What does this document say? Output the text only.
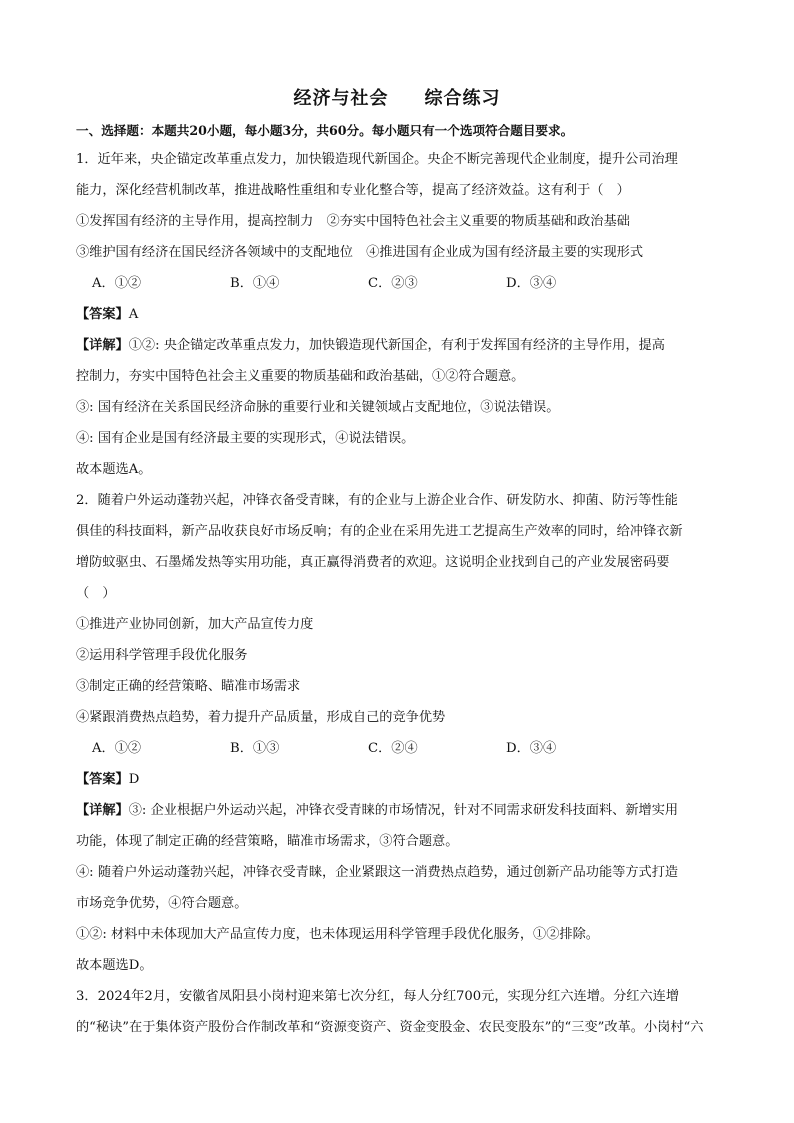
经济与社会 综合练习
一、选择题：本题共20小题，每小题3分，共60分。每小题只有一个选项符合题目要求。
1．近年来，央企锚定改革重点发力，加快锻造现代新国企。央企不断完善现代企业制度，提升公司治理
能力，深化经营机制改革，推进战略性重组和专业化整合等，提高了经济效益。这有利于（　）
①发挥国有经济的主导作用，提高控制力　②夯实中国特色社会主义重要的物质基础和政治基础
③维护国有经济在国民经济各领域中的支配地位　④推进国有企业成为国有经济最主要的实现形式
A．①②	B．①④	C．②③	D．③④
【答案】A
【详解】①②: 央企锚定改革重点发力，加快锻造现代新国企，有利于发挥国有经济的主导作用，提高
控制力，夯实中国特色社会主义重要的物质基础和政治基础，①②符合题意。
③: 国有经济在关系国民经济命脉的重要行业和关键领域占支配地位，③说法错误。
④: 国有企业是国有经济最主要的实现形式，④说法错误。
故本题选A。
2．随着户外运动蓬勃兴起，冲锋衣备受青睐，有的企业与上游企业合作、研发防水、抑菌、防污等性能
俱佳的科技面料，新产品收获良好市场反响；有的企业在采用先进工艺提高生产效率的同时，给冲锋衣新
增防蚊驱虫、石墨烯发热等实用功能，真正赢得消费者的欢迎。这说明企业找到自己的产业发展密码要
（　）
①推进产业协同创新，加大产品宣传力度
②运用科学管理手段优化服务
③制定正确的经营策略、瞄准市场需求
④紧跟消费热点趋势，着力提升产品质量，形成自己的竞争优势
A．①②	B．①③	C．②④	D．③④
【答案】D
【详解】③: 企业根据户外运动兴起，冲锋衣受青睐的市场情况，针对不同需求研发科技面料、新增实用
功能，体现了制定正确的经营策略，瞄准市场需求，③符合题意。
④: 随着户外运动蓬勃兴起，冲锋衣受青睐，企业紧跟这一消费热点趋势，通过创新产品功能等方式打造
市场竞争优势，④符合题意。
①②: 材料中未体现加大产品宣传力度，也未体现运用科学管理手段优化服务，①②排除。
故本题选D。
3．2024年2月，安徽省凤阳县小岗村迎来第七次分红，每人分红700元，实现分红六连增。分红六连增
的“秘诀”在于集体资产股份合作制改革和“资源变资产、资金变股金、农民变股东”的“三变”改革。小岗村“六
